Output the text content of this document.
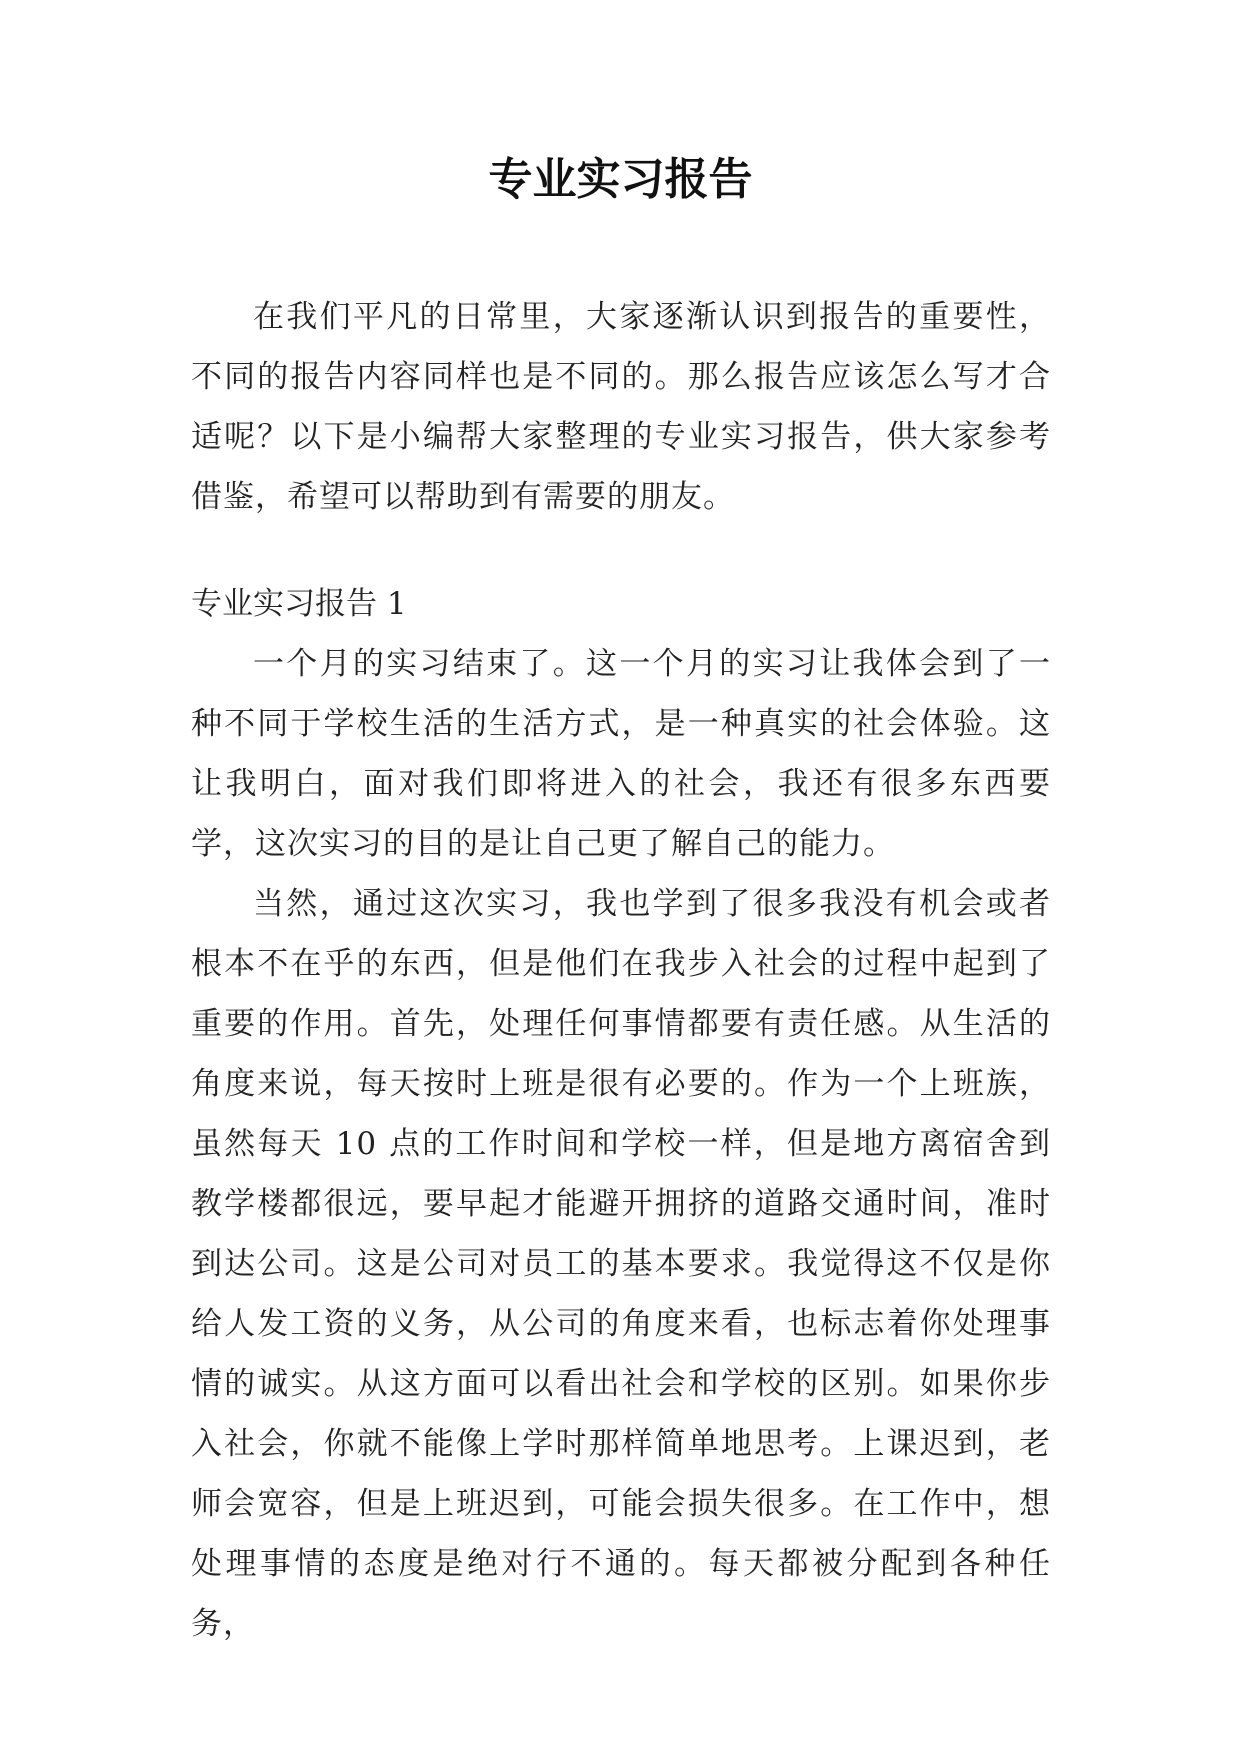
专业实习报告

在我们平凡的日常里，大家逐渐认识到报告的重要性，不同的报告内容同样也是不同的。那么报告应该怎么写才合适呢？以下是小编帮大家整理的专业实习报告，供大家参考借鉴，希望可以帮助到有需要的朋友。

专业实习报告 1

一个月的实习结束了。这一个月的实习让我体会到了一种不同于学校生活的生活方式，是一种真实的社会体验。这让我明白，面对我们即将进入的社会，我还有很多东西要学，这次实习的目的是让自己更了解自己的能力。

当然，通过这次实习，我也学到了很多我没有机会或者根本不在乎的东西，但是他们在我步入社会的过程中起到了重要的作用。首先，处理任何事情都要有责任感。从生活的角度来说，每天按时上班是很有必要的。作为一个上班族，虽然每天 10 点的工作时间和学校一样，但是地方离宿舍到教学楼都很远，要早起才能避开拥挤的道路交通时间，准时到达公司。这是公司对员工的基本要求。我觉得这不仅是你给人发工资的义务，从公司的角度来看，也标志着你处理事情的诚实。从这方面可以看出社会和学校的区别。如果你步入社会，你就不能像上学时那样简单地思考。上课迟到，老师会宽容，但是上班迟到，可能会损失很多。在工作中，想处理事情的态度是绝对行不通的。每天都被分配到各种任务，
